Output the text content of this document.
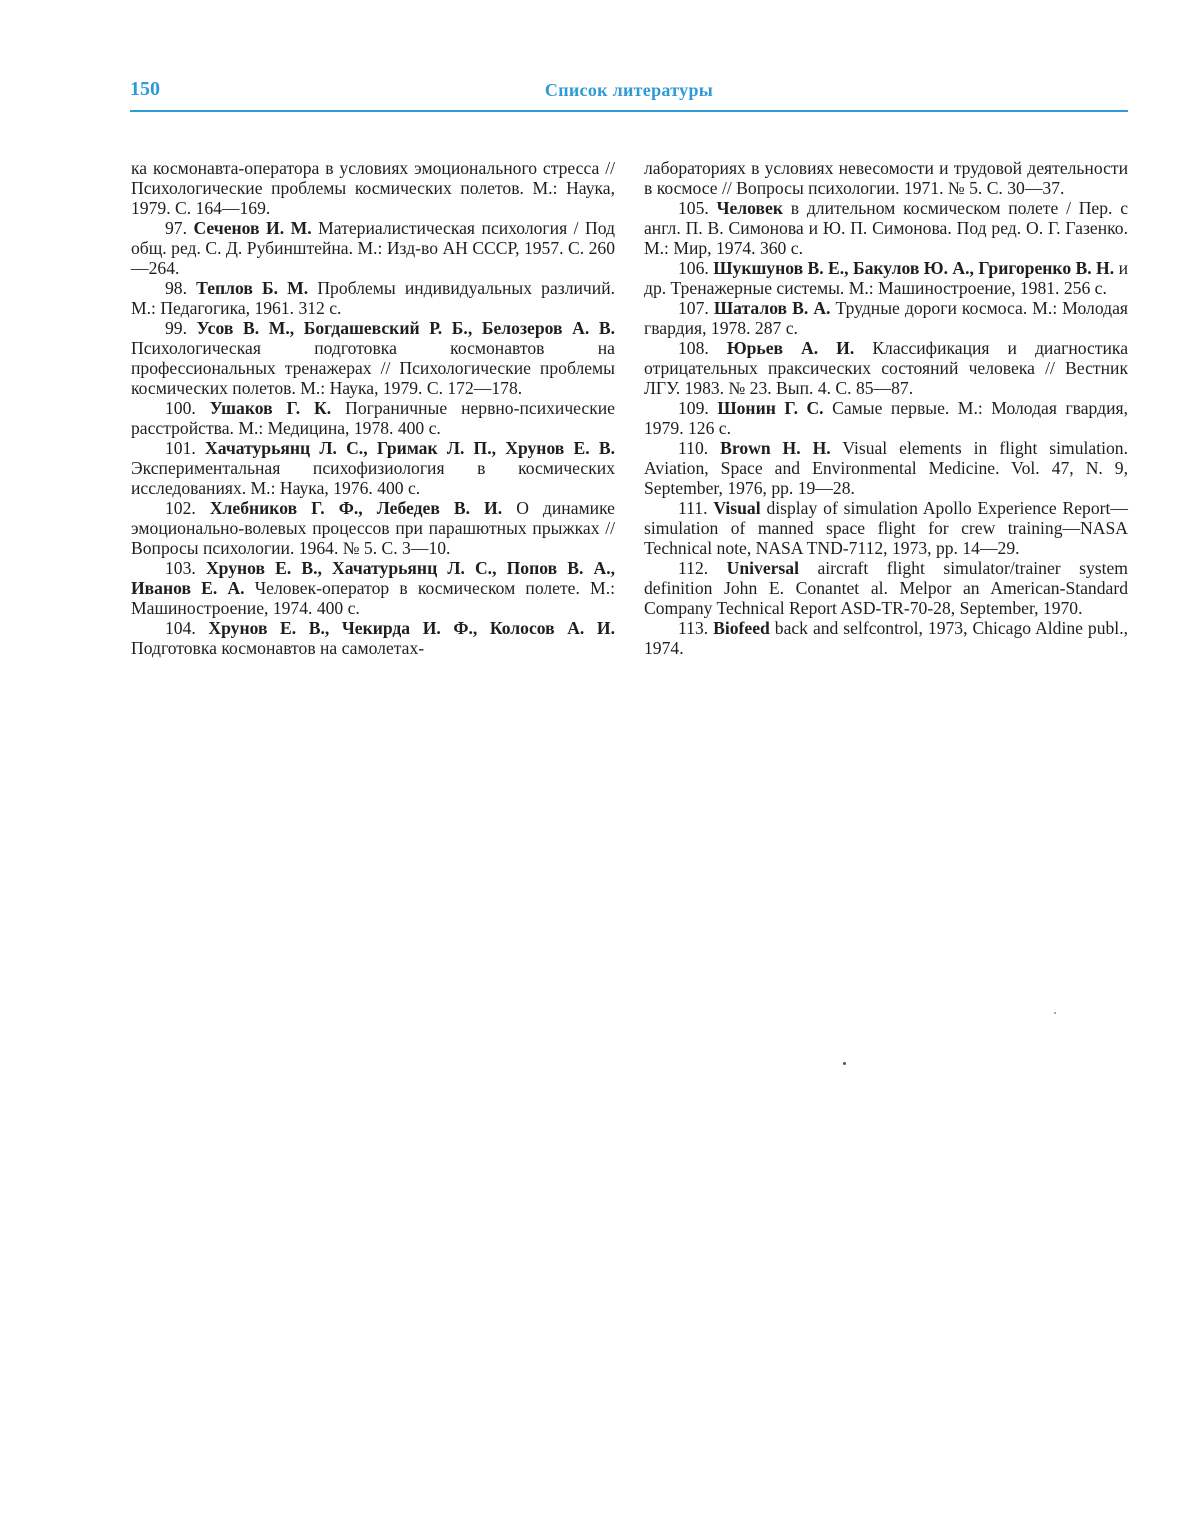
150	Список литературы

ка космонавта-оператора в условиях эмоционального стресса // Психологические проблемы космических полетов. М.: Наука, 1979. С. 164—169.

97. Сеченов И. М. Материалистическая психология / Под общ. ред. С. Д. Рубинштейна. М.: Изд-во АН СССР, 1957. С. 260—264.

98. Теплов Б. М. Проблемы индивидуальных различий. М.: Педагогика, 1961. 312 с.

99. Усов В. М., Богдашевский Р. Б., Белозеров А. В. Психологическая подготовка космонавтов на профессиональных тренажерах // Психологические проблемы космических полетов. М.: Наука, 1979. С. 172—178.

100. Ушаков Г. К. Пограничные нервно-психические расстройства. М.: Медицина, 1978. 400 с.

101. Хачатурьянц Л. С., Гримак Л. П., Хрунов Е. В. Экспериментальная психофизиология в космических исследованиях. М.: Наука, 1976. 400 с.

102. Хлебников Г. Ф., Лебедев В. И. О динамике эмоционально-волевых процессов при парашютных прыжках // Вопросы психологии. 1964. № 5. С. 3—10.

103. Хрунов Е. В., Хачатурьянц Л. С., Попов В. А., Иванов Е. А. Человек-оператор в космическом полете. М.: Машиностроение, 1974. 400 с.

104. Хрунов Е. В., Чекирда И. Ф., Колосов А. И. Подготовка космонавтов на самолетах-

лабораториях в условиях невесомости и трудовой деятельности в космосе // Вопросы психологии. 1971. № 5. С. 30—37.

105. Человек в длительном космическом полете / Пер. с англ. П. В. Симонова и Ю. П. Симонова. Под ред. О. Г. Газенко. М.: Мир, 1974. 360 с.

106. Шукшунов В. Е., Бакулов Ю. А., Григоренко В. Н. и др. Тренажерные системы. М.: Машиностроение, 1981. 256 с.

107. Шаталов В. А. Трудные дороги космоса. М.: Молодая гвардия, 1978. 287 с.

108. Юрьев А. И. Классификация и диагностика отрицательных праксических состояний человека // Вестник ЛГУ. 1983. № 23. Вып. 4. С. 85—87.

109. Шонин Г. С. Самые первые. М.: Молодая гвардия, 1979. 126 с.

110. Brown H. H. Visual elements in flight simulation. Aviation, Space and Environmental Medicine. Vol. 47, N. 9, September, 1976, pp. 19—28.

111. Visual display of simulation Apollo Experience Report—simulation of manned space flight for crew training—NASA Technical note, NASA TND-7112, 1973, pp. 14—29.

112. Universal aircraft flight simulator/trainer system definition John E. Conantet al. Melpor an American-Standard Company Technical Report ASD-TR-70-28, September, 1970.

113. Biofeed back and selfcontrol, 1973, Chicago Aldine publ., 1974.
